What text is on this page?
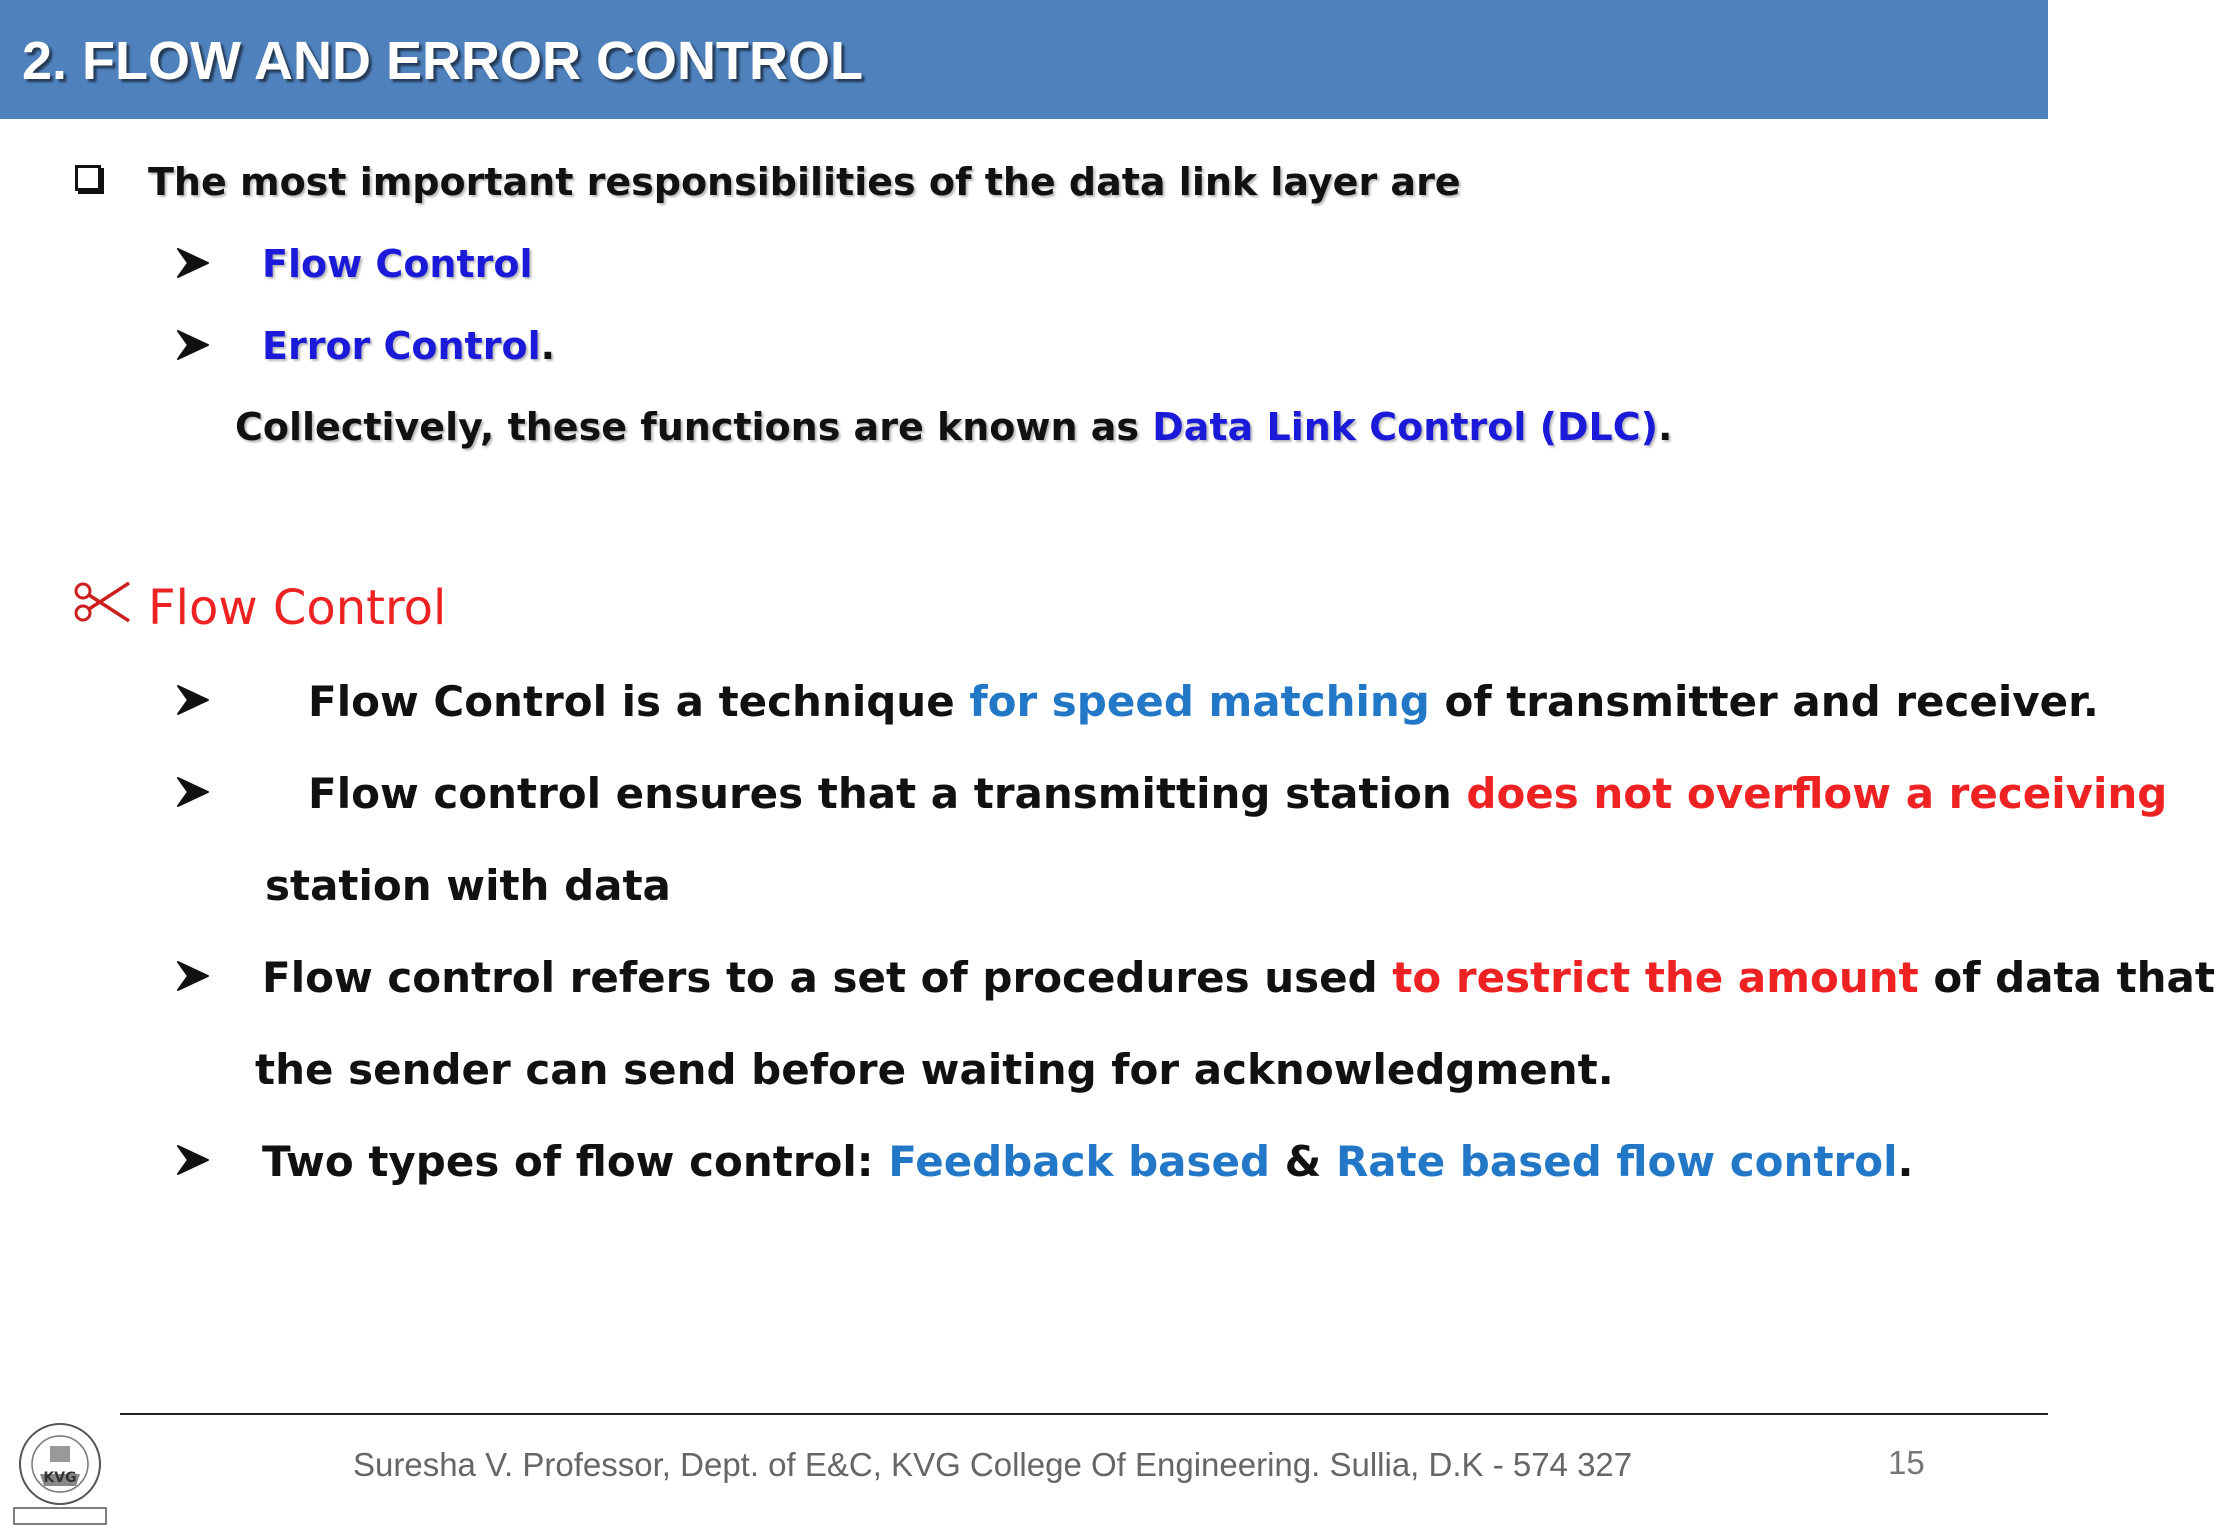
2. FLOW AND ERROR CONTROL
The most important responsibilities of the data link layer are
Flow Control
Error Control.
Collectively, these functions are known as Data Link Control (DLC).
Flow Control
Flow Control is a technique for speed matching of transmitter and receiver.
Flow control ensures that a transmitting station does not overflow a receiving
station with data
Flow control refers to a set of procedures used to restrict the amount of data that
the sender can send before waiting for acknowledgment.
Two types of flow control: Feedback based & Rate based flow control.
KVG	Suresha V. Professor, Dept. of E&C, KVG College Of Engineering. Sullia, D.K - 574 327	15
